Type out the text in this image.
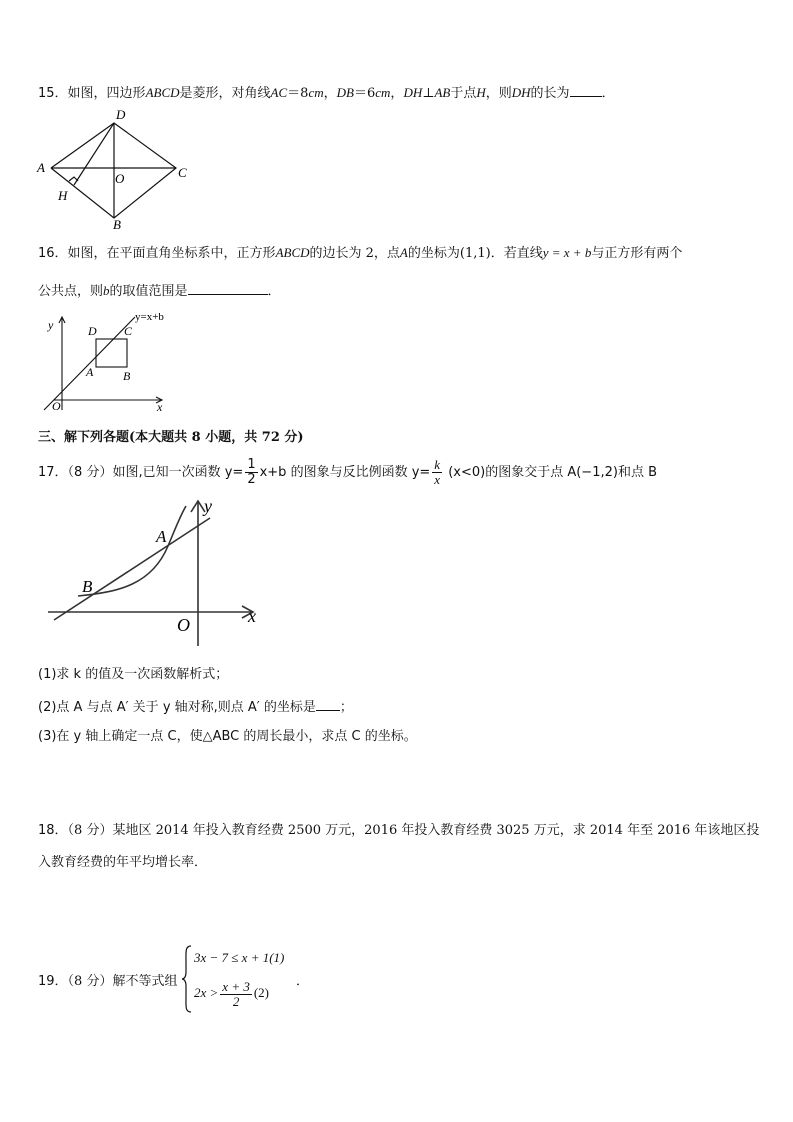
15．如图，四边形ABCD是菱形，对角线AC＝8cm，DB＝6cm，DH⊥AB于点H，则DH的长为 ．
D
A	C
O
H
B
16．如图，在平面直角坐标系中，正方形ABCD的边长为 2，点A的坐标为(1,1)．若直线y = x + b与正方形有两个
公共点，则b的取值范围是	．
y
y=x+b
D C
A B
O	x
三、解下列各题(本大题共 8 小题，共 72 分)
17．（8 分）如图,已知一次函数 $y= \frac{1}{2} x+b$ 的图象与反比例函数 $y= \frac{k}{x} (x<0)$的图象交于点 A(−1,2)和点 B
y
A
B
O	x
(1)求 k 的值及一次函数解析式；
(2)点 A 与点 A′ 关于 y 轴对称,则点 A′ 的坐标是 ；
(3)在 y 轴上确定一点 C，使△ABC 的周长最小，求点 C 的坐标。
18．（8 分）某地区 2014 年投入教育经费 2500 万元，2016 年投入教育经费 3025 万元，求 2014 年至 2016 年该地区投
入教育经费的年平均增长率．
19．（8 分）解不等式组
3x − 7 ≤ x + 1(1)
$2x > \frac{x + 3}{2} (2)$
．
